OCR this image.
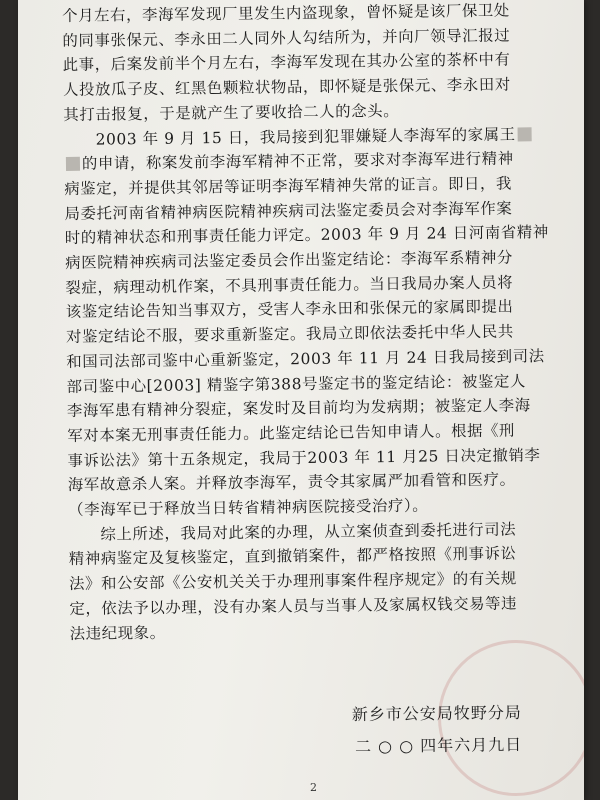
个月左右，李海军发现厂里发生内盗现象，曾怀疑是该厂保卫处
的同事张保元、李永田二人同外人勾结所为，并向厂领导汇报过
此事，后案发前半个月左右，李海军发现在其办公室的茶杯中有
人投放瓜子皮、红黑色颗粒状物品，即怀疑是张保元、李永田对
其打击报复，于是就产生了要收拾二人的念头。

2003 年 9 月 15 日，我局接到犯罪嫌疑人李海军的家属王

的申请，称案发前李海军精神不正常，要求对李海军进行精神
病鉴定，并提供其邻居等证明李海军精神失常的证言。即日，我
局委托河南省精神病医院精神疾病司法鉴定委员会对李海军作案
时的精神状态和刑事责任能力评定。2003 年 9 月 24 日河南省精神
病医院精神疾病司法鉴定委员会作出鉴定结论：李海军系精神分
裂症，病理动机作案，不具刑事责任能力。当日我局办案人员将
该鉴定结论告知当事双方，受害人李永田和张保元的家属即提出
对鉴定结论不服，要求重新鉴定。我局立即依法委托中华人民共
和国司法部司鉴中心重新鉴定，2003 年 11 月 24 日我局接到司法
部司鉴中心[2003] 精鉴字第388号鉴定书的鉴定结论：被鉴定人
李海军患有精神分裂症，案发时及目前均为发病期；被鉴定人李海
军对本案无刑事责任能力。此鉴定结论已告知申请人。根据《刑
事诉讼法》第十五条规定，我局于2003 年 11 月25 日决定撤销李
海军故意杀人案。并释放李海军，责令其家属严加看管和医疗。
（李海军已于释放当日转省精神病医院接受治疗）。

综上所述，我局对此案的办理，从立案侦查到委托进行司法
精神病鉴定及复核鉴定，直到撤销案件，都严格按照《刑事诉讼
法》和公安部《公安机关关于办理刑事案件程序规定》的有关规
定，依法予以办理，没有办案人员与当事人及家属权钱交易等违
法违纪现象。

新乡市公安局牧野分局
二 ○ ○ 四年六月九日
2
